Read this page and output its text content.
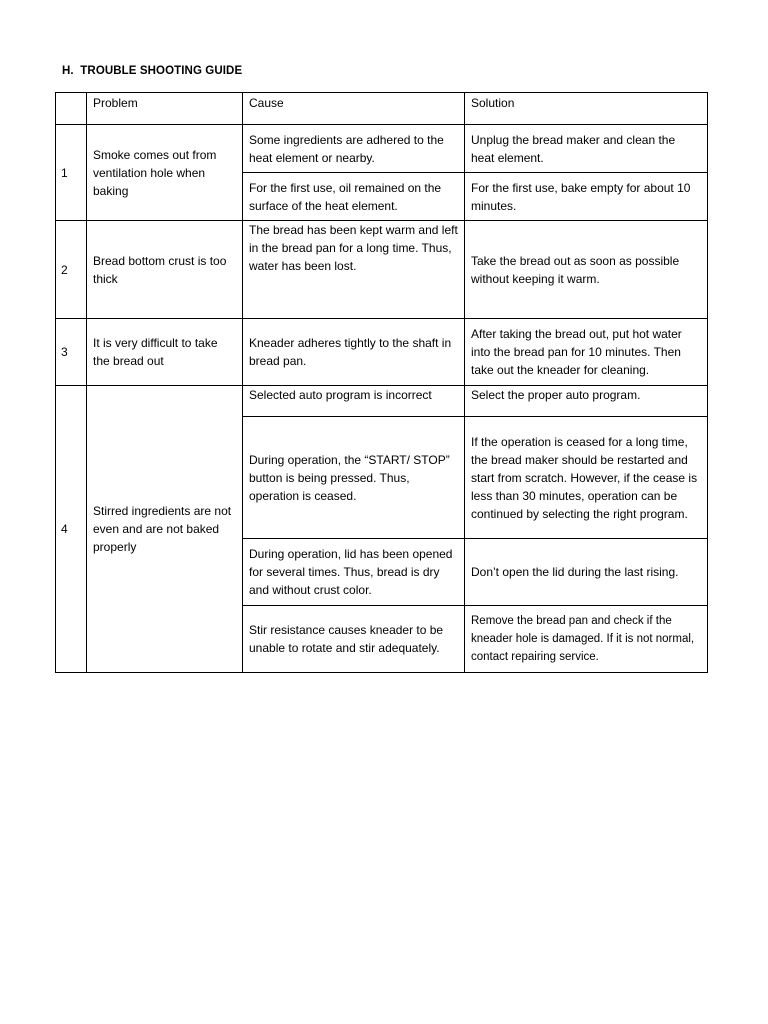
H. TROUBLE SHOOTING GUIDE
	Problem	Cause	Solution
1	Smoke comes out from ventilation hole when baking	Some ingredients are adhered to the heat element or nearby.	Unplug the bread maker and clean the heat element.
		For the first use, oil remained on the surface of the heat element.	For the first use, bake empty for about 10 minutes.
2	Bread bottom crust is too thick	The bread has been kept warm and left in the bread pan for a long time. Thus, water has been lost.	Take the bread out as soon as possible without keeping it warm.
3	It is very difficult to take the bread out	Kneader adheres tightly to the shaft in bread pan.	After taking the bread out, put hot water into the bread pan for 10 minutes. Then take out the kneader for cleaning.
4	Stirred ingredients are not even and are not baked properly	Selected auto program is incorrect	Select the proper auto program.
		During operation, the “START/ STOP” button is being pressed. Thus, operation is ceased.	If the operation is ceased for a long time, the bread maker should be restarted and start from scratch. However, if the cease is less than 30 minutes, operation can be continued by selecting the right program.
		During operation, lid has been opened for several times. Thus, bread is dry and without crust color.	Don’t open the lid during the last rising.
		Stir resistance causes kneader to be unable to rotate and stir adequately.	Remove the bread pan and check if the kneader hole is damaged. If it is not normal, contact repairing service.
